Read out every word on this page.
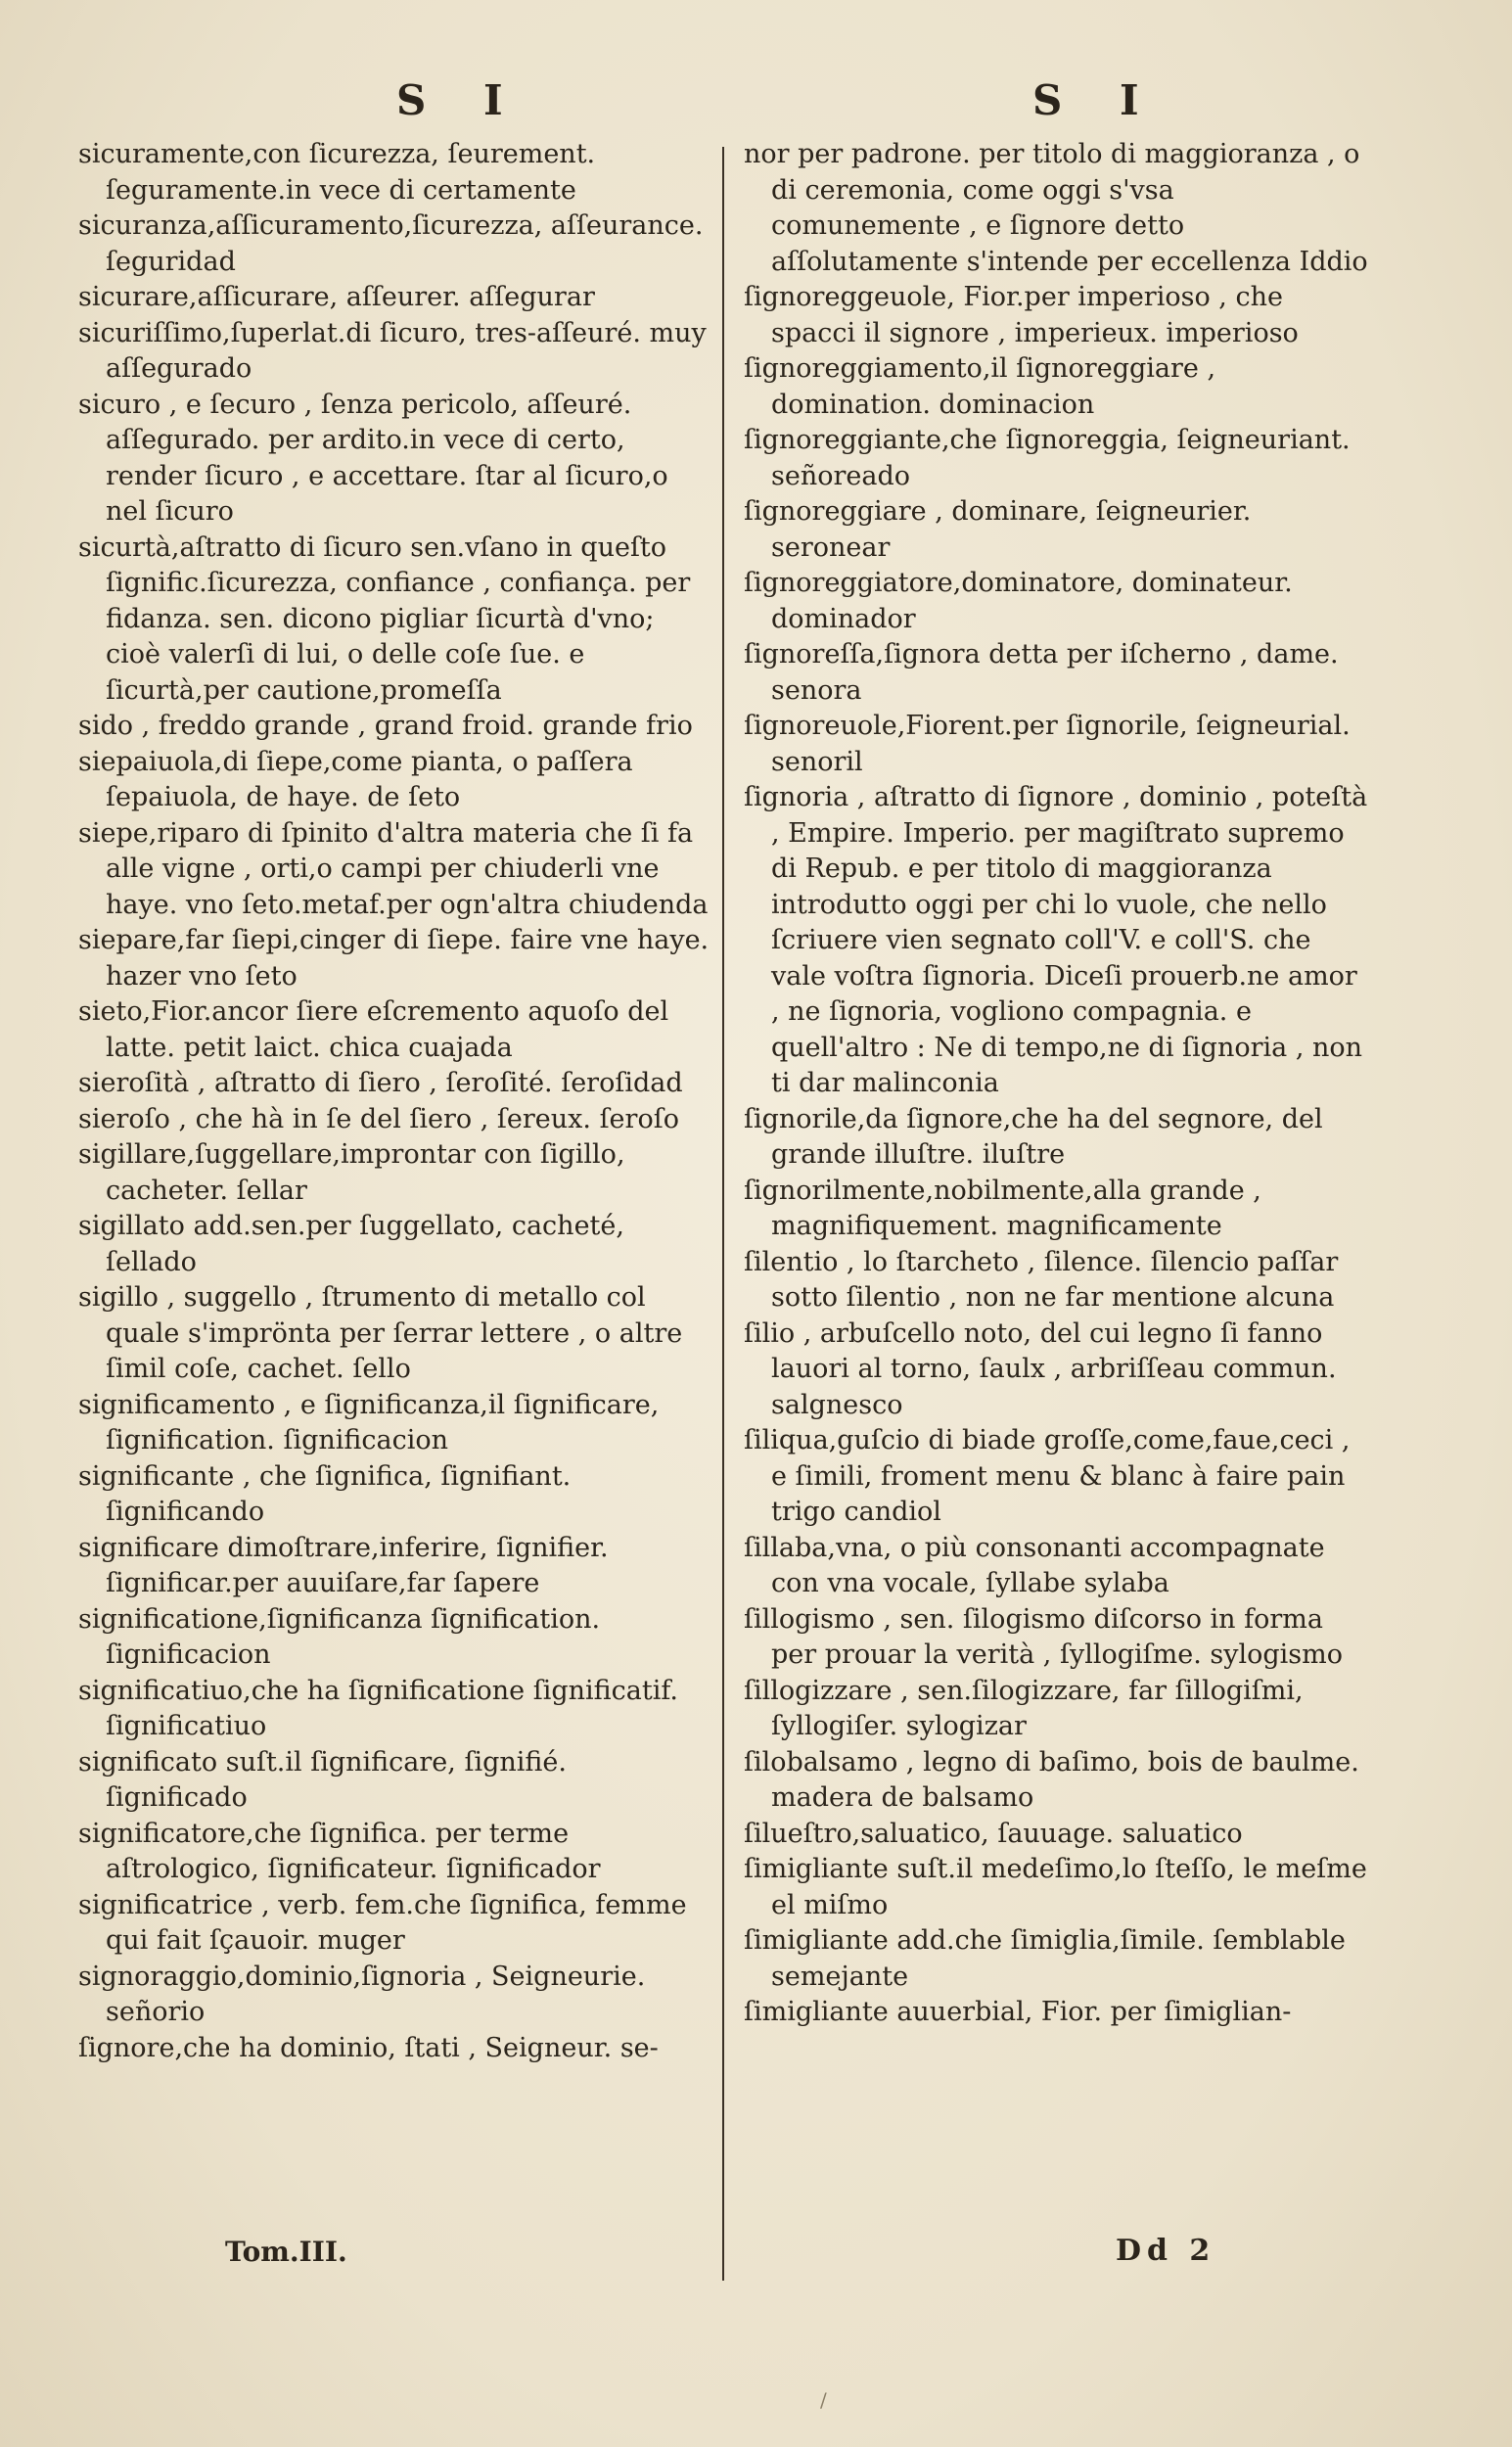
S I	S I

sicuramente,con ſicurezza, ſeurement. ſeguramente.in vece di certamente

sicuranza,aſſicuramento,ſicurezza, aſſeurance. ſeguridad

sicurare,aſſicurare, aſſeurer. aſſegurar

sicuriſſimo,ſuperlat.di ſicuro, tres-aſſeuré. muy aſſegurado

sicuro , e ſecuro , ſenza pericolo, aſſeuré. aſſegurado. per ardito.in vece di certo, render ſicuro , e accettare. ſtar al ſicuro,o nel ſicuro

sicurtà,aſtratto di ſicuro sen.vſano in queſto ſignific.ſicurezza, confiance , confiança. per fidanza. sen. dicono pigliar ſicurtà d'vno; cioè valerſi di lui, o delle coſe ſue. e ſicurtà,per cautione,promeſſa

sido , freddo grande , grand froid. grande frio

siepaiuola,di ſiepe,come pianta, o paſſera ſepaiuola, de haye. de ſeto

siepe,riparo di ſpinito d'altra materia che ſi fa alle vigne , orti,o campi per chiuderli vne haye. vno ſeto.metaf.per ogn'altra chiudenda

siepare,far ſiepi,cinger di ſiepe. faire vne haye. hazer vno ſeto

sieto,Fior.ancor ſiere eſcremento aquoſo del latte. petit laict. chica cuajada

sieroſità , aſtratto di ſiero , ſeroſité. ſeroſidad

sieroſo , che hà in ſe del ſiero , ſereux. ſeroſo

sigillare,ſuggellare,improntar con ſigillo, cacheter. ſellar

sigillato add.sen.per ſuggellato, cacheté, ſellado

sigillo , suggello , ſtrumento di metallo col quale s'imprönta per ſerrar lettere , o altre ſimil coſe, cachet. ſello

significamento , e ſignificanza,il ſignificare, ſignification. ſignificacion

significante , che ſignifica, ſignifiant. ſignificando

significare dimoſtrare,inferire, ſignifier. ſignificar.per auuiſare,far ſapere

significatione,ſignificanza ſignification. ſignificacion

significatiuo,che ha ſignificatione ſignificatif. ſignificatiuo

significato suſt.il ſignificare, ſignifié. ſignificado

significatore,che ſignifica. per terme aſtrologico, ſignificateur. ſignificador

significatrice , verb. fem.che ſignifica, femme qui fait ſçauoir. muger

signoraggio,dominio,ſignoria , Seigneurie. señorio

ſignore,che ha dominio, ſtati , Seigneur. se-

nor per padrone. per titolo di maggioranza , o di ceremonia, come oggi s'vsa comunemente , e ſignore detto aſſolutamente s'intende per eccellenza Iddio

ſignoreggeuole, Fior.per imperioso , che spacci il signore , imperieux. imperioso

ſignoreggiamento,il ſignoreggiare , domination. dominacion

ſignoreggiante,che ſignoreggia, ſeigneuriant. señoreado

ſignoreggiare , dominare, ſeigneurier. seronear

ſignoreggiatore,dominatore, dominateur. dominador

ſignoreſſa,ſignora detta per iſcherno , dame. senora

ſignoreuole,Fiorent.per ſignorile, ſeigneurial. senoril

ſignoria , aſtratto di ſignore , dominio , poteſtà , Empire. Imperio. per magiſtrato supremo di Repub. e per titolo di maggioranza introdutto oggi per chi lo vuole, che nello ſcriuere vien segnato coll'V. e coll'S. che vale voſtra ſignoria. Diceſi prouerb.ne amor , ne ſignoria, vogliono compagnia. e quell'altro : Ne di tempo,ne di ſignoria , non ti dar malinconia

ſignorile,da ſignore,che ha del segnore, del grande illuſtre. iluſtre

ſignorilmente,nobilmente,alla grande , magnifiquement. magnificamente

ſilentio , lo ſtarcheto , ſilence. ſilencio paſſar sotto ſilentio , non ne far mentione alcuna

ſilio , arbuſcello noto, del cui legno ſi fanno lauori al torno, ſaulx , arbriſſeau commun. salgnesco

ſiliqua,guſcio di biade groſſe,come,faue,ceci , e ſimili, froment menu & blanc à faire pain trigo candiol

ſillaba,vna, o più consonanti accompagnate con vna vocale, ſyllabe sylaba

ſillogismo , sen. ſilogismo diſcorso in forma per prouar la verità , ſyllogiſme. sylogismo

ſillogizzare , sen.ſilogizzare, far ſillogiſmi, ſyllogiſer. sylogizar

ſilobalsamo , legno di baſimo, bois de baulme. madera de balsamo

ſilueſtro,saluatico, ſauuage. saluatico

ſimigliante suſt.il medeſimo,lo ſteſſo, le meſme el miſmo

ſimigliante add.che ſimiglia,ſimile. ſemblable semejante

ſimigliante auuerbial, Fior. per ſimiglian-

Tom.III.	Dd 2
/
